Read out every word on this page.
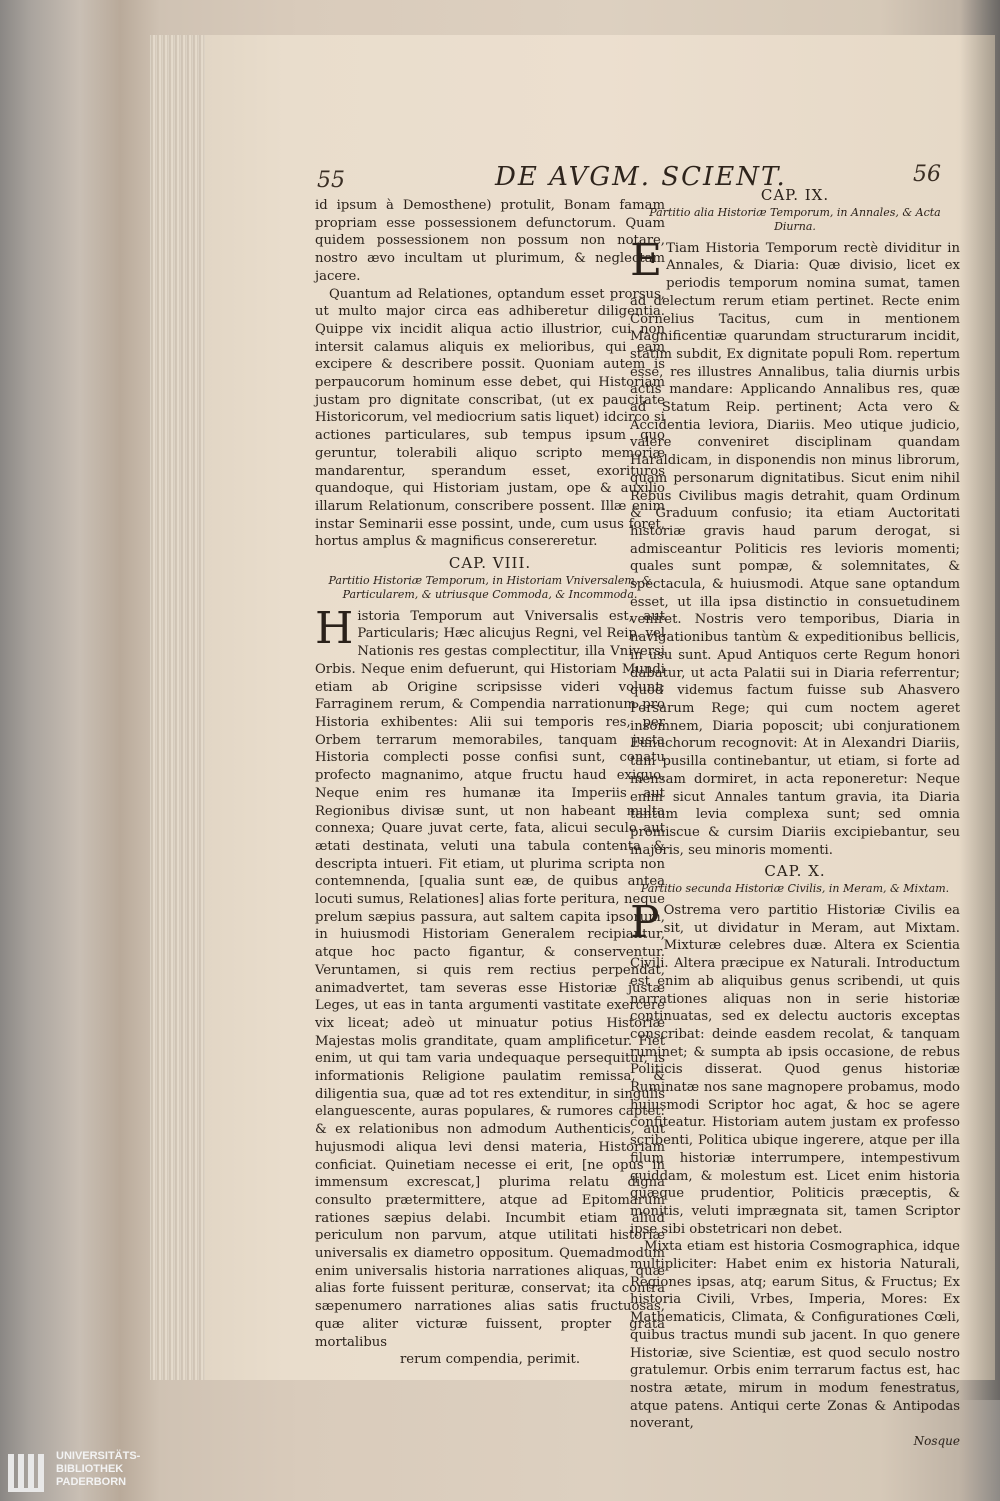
55	DE AVGM. SCIENT.	56

id ipsum à Demosthene) protulit, Bonam famam propriam esse possessionem defunctorum. Quam quidem possessionem non possum non notare, nostro ævo incultam ut plurimum, & neglectam jacere.

Quantum ad Relationes, optandum esset prorsus, ut multo major circa eas adhiberetur diligentia. Quippe vix incidit aliqua actio illustrior, cui non intersit calamus aliquis ex melioribus, qui eam excipere & describere possit. Quoniam autem is perpaucorum hominum esse debet, qui Historiam justam pro dignitate conscribat, (ut ex paucitate Historicorum, vel mediocrium satis liquet) idcirco si actiones particulares, sub tempus ipsum quo geruntur, tolerabili aliquo scripto memoriæ mandarentur, sperandum esset, exorituros quandoque, qui Historiam justam, ope & auxilio illarum Relationum, conscribere possent. Illæ enim instar Seminarii esse possint, unde, cum usus foret, hortus amplus & magnificus consereretur.

CAP. VIII.
Partitio Historiæ Temporum, in Historiam Vniversalem, & Particularem, & utriusque Commoda, & Incommoda.

H istoria Temporum aut Vniversalis est, aut Particularis; Hæc alicujus Regni, vel Reip. vel Nationis res gestas complectitur, illa Vniversi Orbis. Neque enim defuerunt, qui Historiam Mundi etiam ab Origine scripsisse videri volunt; Farraginem rerum, & Compendia narrationum pro Historia exhibentes: Alii sui temporis res, per Orbem terrarum memorabiles, tanquam justa Historia complecti posse confisi sunt, conatu profecto magnanimo, atque fructu haud exiguo. Neque enim res humanæ ita Imperiis aut Regionibus divisæ sunt, ut non habeant multa connexa; Quare juvat certe, fata, alicui seculo aut ætati destinata, veluti una tabula contenta & descripta intueri. Fit etiam, ut plurima scripta non contemnenda, [qualia sunt eæ, de quibus antea locuti sumus, Relationes] alias forte peritura, neque prelum sæpius passura, aut saltem capita ipsorum, in huiusmodi Historiam Generalem recipiantur, atque hoc pacto figantur, & conserventur. Veruntamen, si quis rem rectius perpendat, animadvertet, tam severas esse Historiæ justæ Leges, ut eas in tanta argumenti vastitate exercere vix liceat; adeò ut minuatur potius Historiæ Majestas molis granditate, quam amplificetur. Fiet enim, ut qui tam varia undequaque persequitur, is informationis Religione paulatim remissa, & diligentia sua, quæ ad tot res extenditur, in singulis elanguescente, auras populares, & rumores captet: & ex relationibus non admodum Authenticis, aut hujusmodi aliqua levi densi materia, Historiam conficiat. Quinetiam necesse ei erit, [ne opus in immensum excrescat,] plurima relatu digna consulto prætermittere, atque ad Epitomarum rationes sæpius delabi. Incumbit etiam aliud periculum non parvum, atque utilitati historiæ universalis ex diametro oppositum. Quemadmodum enim universalis historia narrationes aliquas, quæ alias forte fuissent perituræ, conservat; ita contra sæpenumero narrationes alias satis fructuosas, quæ aliter victuræ fuissent, propter grata mortalibus

rerum compendia, perimit.

CAP. IX.
Partitio alia Historiæ Temporum, in Annales, & Acta Diurna.

E Tiam Historia Temporum rectè dividitur in Annales, & Diaria: Quæ divisio, licet ex periodis temporum nomina sumat, tamen ad delectum rerum etiam pertinet. Recte enim Cornelius Tacitus, cum in mentionem Magnificentiæ quarundam structurarum incidit, statim subdit, Ex dignitate populi Rom. repertum esse, res illustres Annalibus, talia diurnis urbis actis mandare: Applicando Annalibus res, quæ ad Statum Reip. pertinent; Acta vero & Accidentia leviora, Diariis. Meo utique judicio, valere conveniret disciplinam quandam Haraldicam, in disponendis non minus librorum, quam personarum dignitatibus. Sicut enim nihil Rebus Civilibus magis detrahit, quam Ordinum & Graduum confusio; ita etiam Auctoritati historiæ gravis haud parum derogat, si admisceantur Politicis res levioris momenti; quales sunt pompæ, & solemnitates, & spectacula, & huiusmodi. Atque sane optandum esset, ut illa ipsa distinctio in consuetudinem veniret. Nostris vero temporibus, Diaria in navigationibus tantùm & expeditionibus bellicis, in usu sunt. Apud Antiquos certe Regum honori dabatur, ut acta Palatii sui in Diaria referrentur; quod videmus factum fuisse sub Ahasvero Persarum Rege; qui cum noctem ageret insomnem, Diaria poposcit; ubi conjurationem Eunuchorum recognovit: At in Alexandri Diariis, tam pusilla continebantur, ut etiam, si forte ad mensam dormiret, in acta reponeretur: Neque enim sicut Annales tantum gravia, ita Diaria tantum levia complexa sunt; sed omnia promiscue & cursim Diariis excipiebantur, seu majoris, seu minoris momenti.

CAP. X.
Partitio secunda Historiæ Civilis, in Meram, & Mixtam.

P Ostrema vero partitio Historiæ Civilis ea sit, ut dividatur in Meram, aut Mixtam. Mixturæ celebres duæ. Altera ex Scientia Civili. Altera præcipue ex Naturali. Introductum est enim ab aliquibus genus scribendi, ut quis narrationes aliquas non in serie historiæ continuatas, sed ex delectu auctoris exceptas conscribat: deinde easdem recolat, & tanquam ruminet; & sumpta ab ipsis occasione, de rebus Politicis disserat. Quod genus historiæ Ruminatæ nos sane magnopere probamus, modo hujusmodi Scriptor hoc agat, & hoc se agere confiteatur. Historiam autem justam ex professo scribenti, Politica ubique ingerere, atque per illa filum historiæ interrumpere, intempestivum quiddam, & molestum est. Licet enim historia quæque prudentior, Politicis præceptis, & monitis, veluti imprægnata sit, tamen Scriptor ipse sibi obstetricari non debet.

Mixta etiam est historia Cosmographica, idque multipliciter: Habet enim ex historia Naturali, Regiones ipsas, atq; earum Situs, & Fructus; Ex historia Civili, Vrbes, Imperia, Mores: Ex Mathematicis, Climata, & Configurationes Cœli, quibus tractus mundi sub jacent. In quo genere Historiæ, sive Scientiæ, est quod seculo nostro gratulemur. Orbis enim terrarum factus est, hac nostra ætate, mirum in modum fenestratus, atque patens. Antiqui certe Zonas & Antipodas noverant,

Nosque
UNIVERSITÄTS-
BIBLIOTHEK
PADERBORN
